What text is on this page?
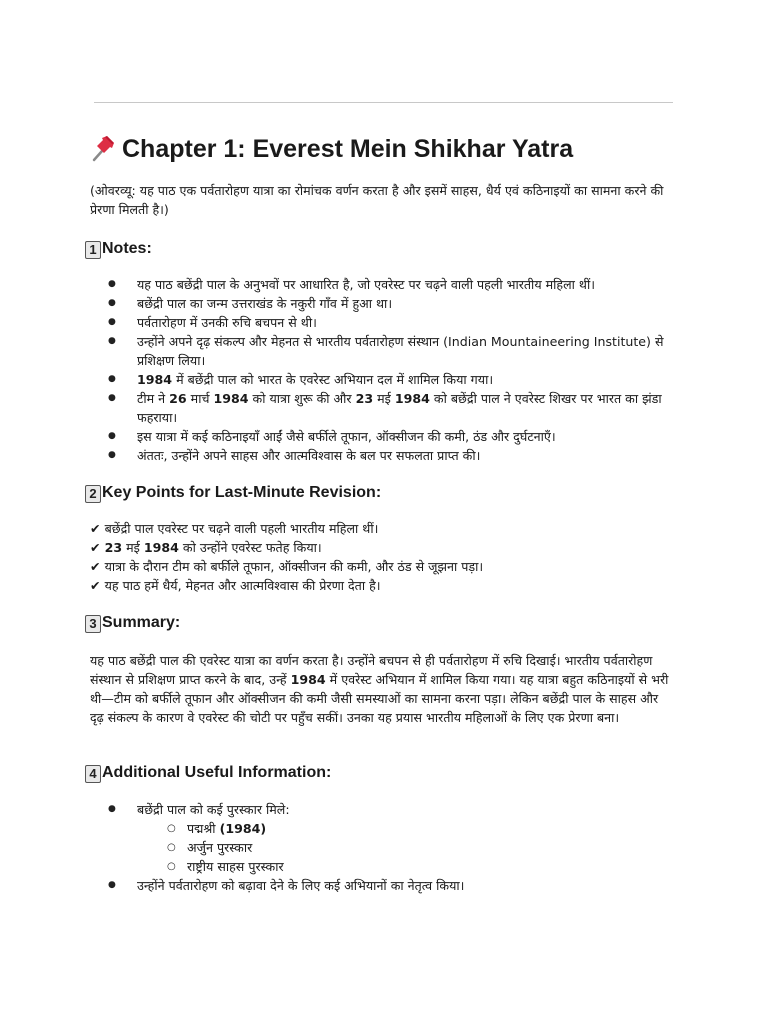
Chapter 1: Everest Mein Shikhar Yatra
(ओवरव्यू: यह पाठ एक पर्वतारोहण यात्रा का रोमांचक वर्णन करता है और इसमें साहस, धैर्य एवं कठिनाइयों का सामना करने की प्रेरणा मिलती है।)
1 Notes:
● यह पाठ बछेंद्री पाल के अनुभवों पर आधारित है, जो एवरेस्ट पर चढ़ने वाली पहली भारतीय महिला थीं।
● बछेंद्री पाल का जन्म उत्तराखंड के नकुरी गाँव में हुआ था।
● पर्वतारोहण में उनकी रुचि बचपन से थी।
● उन्होंने अपने दृढ़ संकल्प और मेहनत से भारतीय पर्वतारोहण संस्थान (Indian Mountaineering Institute) से प्रशिक्षण लिया।
● 1984 में बछेंद्री पाल को भारत के एवरेस्ट अभियान दल में शामिल किया गया।
● टीम ने 26 मार्च 1984 को यात्रा शुरू की और 23 मई 1984 को बछेंद्री पाल ने एवरेस्ट शिखर पर भारत का झंडा फहराया।
● इस यात्रा में कई कठिनाइयाँ आईं जैसे बर्फीले तूफान, ऑक्सीजन की कमी, ठंड और दुर्घटनाएँ।
● अंततः, उन्होंने अपने साहस और आत्मविश्वास के बल पर सफलता प्राप्त की।
2 Key Points for Last-Minute Revision:
✔ बछेंद्री पाल एवरेस्ट पर चढ़ने वाली पहली भारतीय महिला थीं।
✔ 23 मई 1984 को उन्होंने एवरेस्ट फतेह किया।
✔ यात्रा के दौरान टीम को बर्फीले तूफान, ऑक्सीजन की कमी, और ठंड से जूझना पड़ा।
✔ यह पाठ हमें धैर्य, मेहनत और आत्मविश्वास की प्रेरणा देता है।
3 Summary:
यह पाठ बछेंद्री पाल की एवरेस्ट यात्रा का वर्णन करता है। उन्होंने बचपन से ही पर्वतारोहण में रुचि दिखाई। भारतीय पर्वतारोहण संस्थान से प्रशिक्षण प्राप्त करने के बाद, उन्हें 1984 में एवरेस्ट अभियान में शामिल किया गया। यह यात्रा बहुत कठिनाइयों से भरी थी—टीम को बर्फीले तूफान और ऑक्सीजन की कमी जैसी समस्याओं का सामना करना पड़ा। लेकिन बछेंद्री पाल के साहस और दृढ़ संकल्प के कारण वे एवरेस्ट की चोटी पर पहुँच सकीं। उनका यह प्रयास भारतीय महिलाओं के लिए एक प्रेरणा बना।
4 Additional Useful Information:
● बछेंद्री पाल को कई पुरस्कार मिले:
○ पद्मश्री (1984)
○ अर्जुन पुरस्कार
○ राष्ट्रीय साहस पुरस्कार
● उन्होंने पर्वतारोहण को बढ़ावा देने के लिए कई अभियानों का नेतृत्व किया।
